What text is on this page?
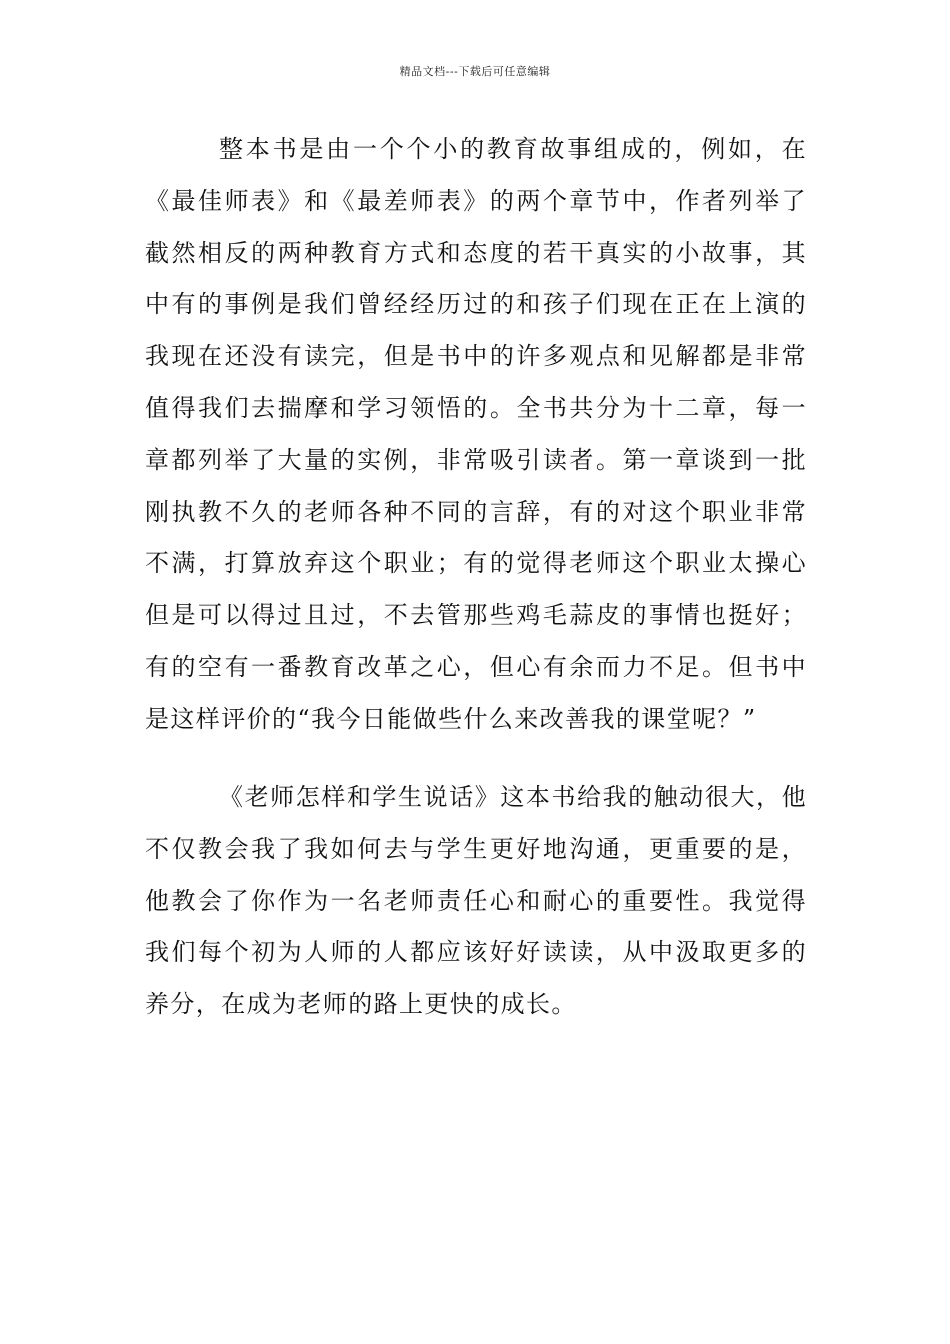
精品文档---下载后可任意编辑
整本书是由一个个小的教育故事组成的，例如，在
《最佳师表》和《最差师表》的两个章节中，作者列举了
截然相反的两种教育方式和态度的若干真实的小故事，其
中有的事例是我们曾经经历过的和孩子们现在正在上演的
我现在还没有读完，但是书中的许多观点和见解都是非常
值得我们去揣摩和学习领悟的。全书共分为十二章，每一
章都列举了大量的实例，非常吸引读者。第一章谈到一批
刚执教不久的老师各种不同的言辞，有的对这个职业非常
不满，打算放弃这个职业；有的觉得老师这个职业太操心
但是可以得过且过，不去管那些鸡毛蒜皮的事情也挺好；
有的空有一番教育改革之心，但心有余而力不足。但书中
是这样评价的“我今日能做些什么来改善我的课堂呢？”
《老师怎样和学生说话》这本书给我的触动很大，他
不仅教会我了我如何去与学生更好地沟通，更重要的是，
他教会了你作为一名老师责任心和耐心的重要性。我觉得
我们每个初为人师的人都应该好好读读，从中汲取更多的
养分，在成为老师的路上更快的成长。
